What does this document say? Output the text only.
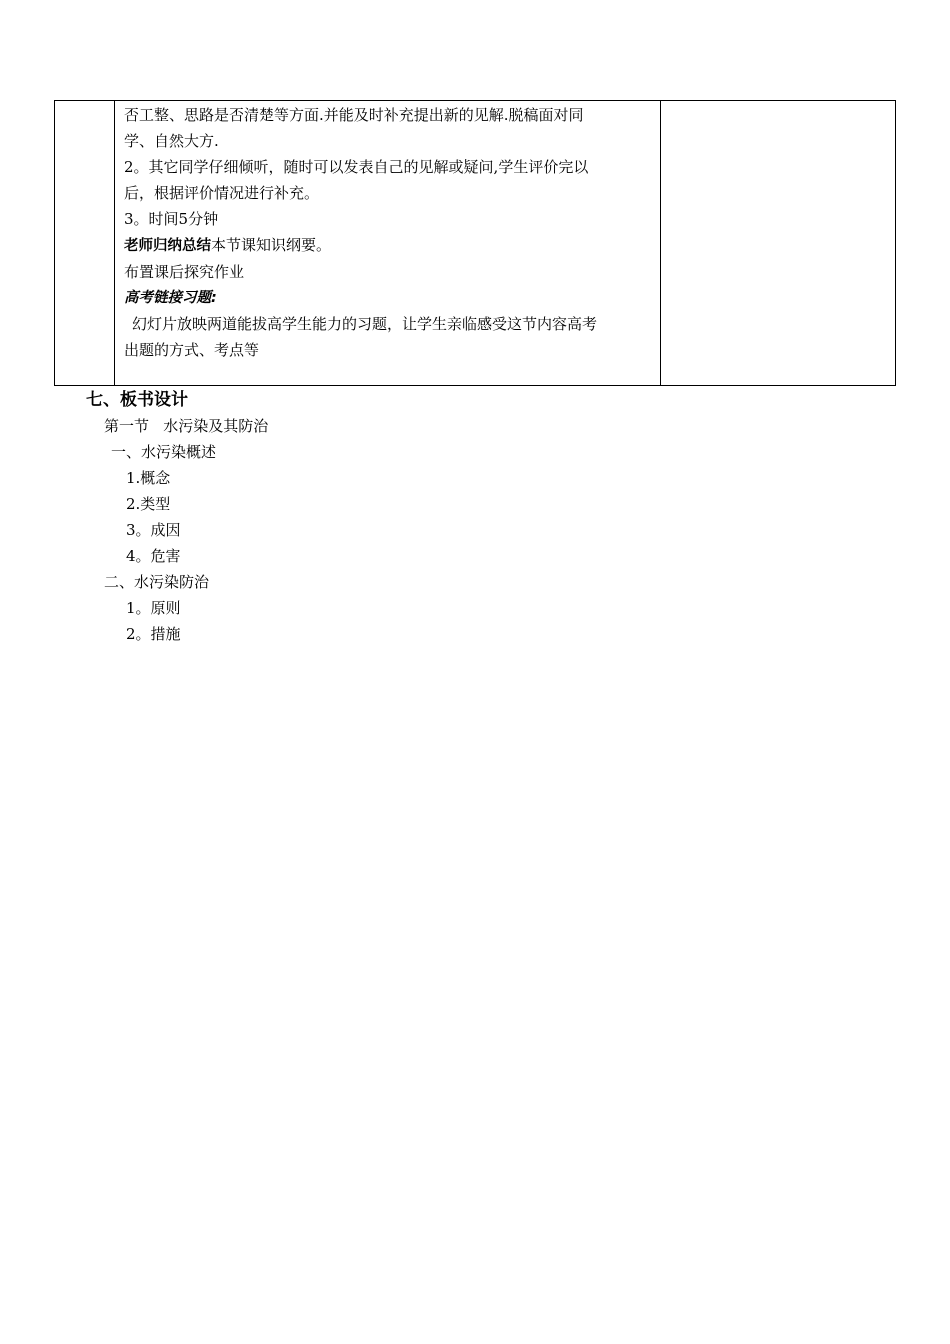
否工整、思路是否清楚等方面.并能及时补充提出新的见解.脱稿面对同

学、自然大方.

2。其它同学仔细倾听，随时可以发表自己的见解或疑问,学生评价完以

后，根据评价情况进行补充。

3。时间5分钟

老师归纳总结本节课知识纲要。

布置课后探究作业

高考链接习题:

幻灯片放映两道能拔高学生能力的习题，让学生亲临感受这节内容高考

出题的方式、考点等

七、板书设计

第一节   水污染及其防治

一、水污染概述

1.概念

2.类型

3。成因

4。危害

二、水污染防治

1。原则

2。措施
